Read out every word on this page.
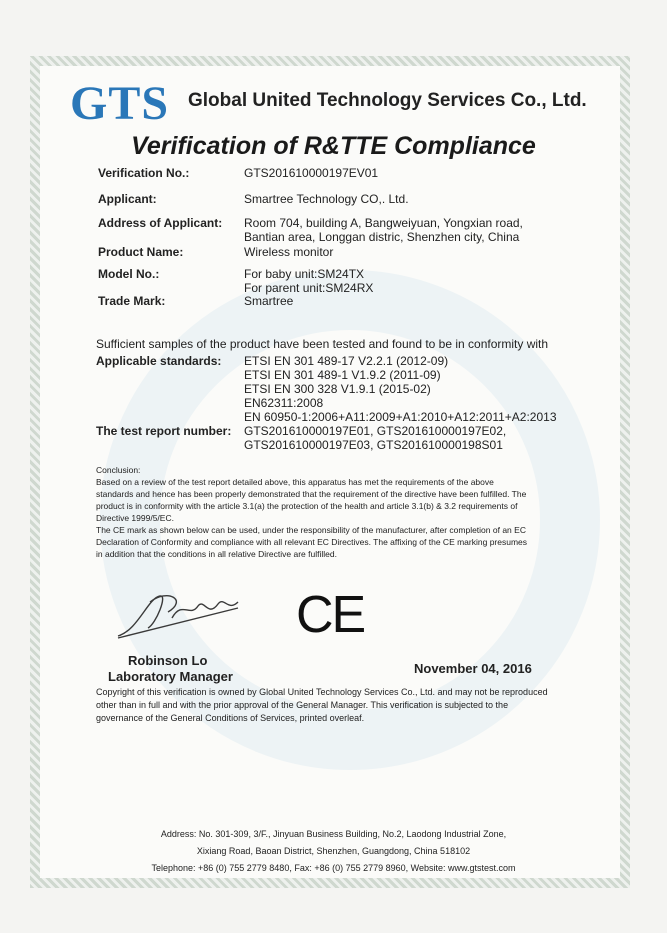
GTS Global United Technology Services Co., Ltd.
Verification of R&TTE Compliance
Verification No.:	GTS201610000197EV01
Applicant:	Smartree Technology CO,. Ltd.
Address of Applicant: Room 704, building A, Bangweiyuan, Yongxian road,
Bantian area, Longgan distric, Shenzhen city, China
Product Name:	Wireless monitor
Model No.:	For baby unit:SM24TX
For parent unit:SM24RX
Trade Mark:	Smartree
Sufficient samples of the product have been tested and found to be in conformity with
Applicable standards: ETSI EN 301 489-17 V2.2.1 (2012-09)
ETSI EN 301 489-1 V1.9.2 (2011-09)
ETSI EN 300 328 V1.9.1 (2015-02)
EN62311:2008
EN 60950-1:2006+A11:2009+A1:2010+A12:2011+A2:2013
The test report number: GTS201610000197E01, GTS201610000197E02,
GTS201610000197E03, GTS201610000198S01
Conclusion:
Based on a review of the test report detailed above, this apparatus has met the requirements of the above
standards and hence has been properly demonstrated that the requirement of the directive have been fulfilled. The
product is in conformity with the article 3.1(a) the protection of the health and article 3.1(b) & 3.2 requirements of
Directive 1999/5/EC.
The CE mark as shown below can be used, under the responsibility of the manufacturer, after completion of an EC
Declaration of Conformity and compliance with all relevant EC Directives. The affixing of the CE marking presumes
in addition that the conditions in all relative Directive are fulfilled.
CE
Robinson Lo
Laboratory Manager
November 04, 2016
Copyright of this verification is owned by Global United Technology Services Co., Ltd. and may not be reproduced
other than in full and with the prior approval of the General Manager. This verification is subjected to the
governance of the General Conditions of Services, printed overleaf.
Address: No. 301-309, 3/F., Jinyuan Business Building, No.2, Laodong Industrial Zone,
Xixiang Road, Baoan District, Shenzhen, Guangdong, China 518102
Telephone: +86 (0) 755 2779 8480, Fax: +86 (0) 755 2779 8960, Website: www.gtstest.com
